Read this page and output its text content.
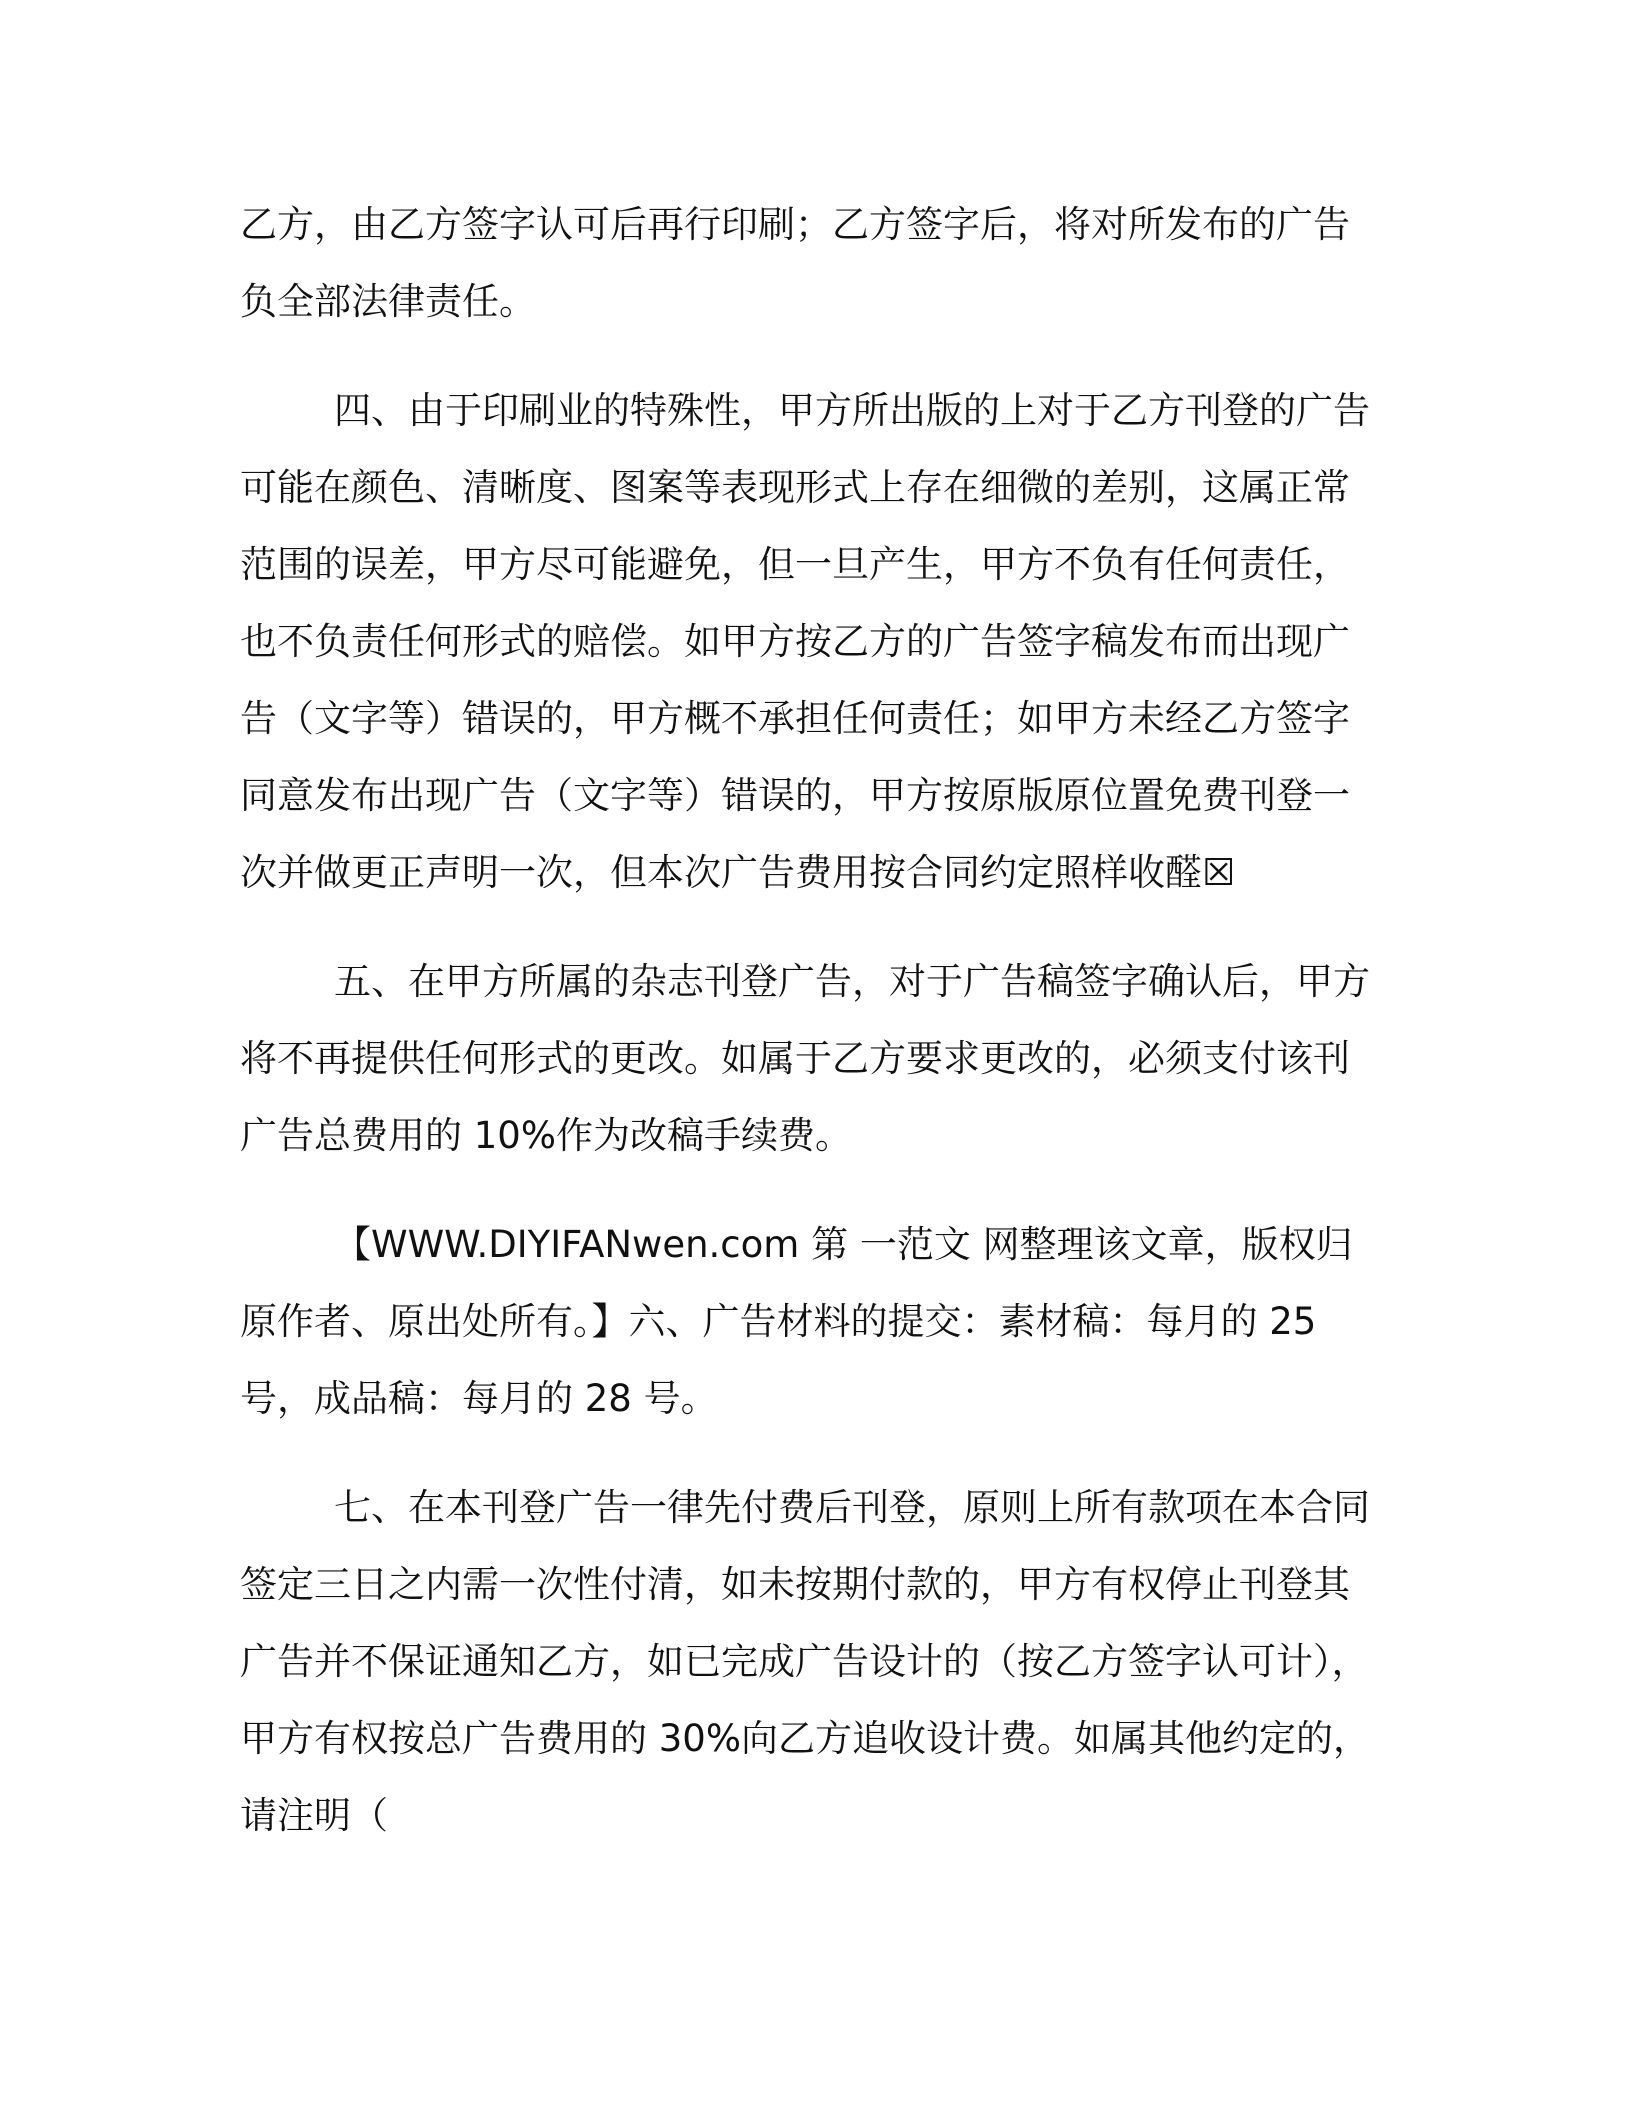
乙方，由乙方签字认可后再行印刷；乙方签字后，将对所发布的广告负全部法律责任。

四、由于印刷业的特殊性，甲方所出版的上对于乙方刊登的广告可能在颜色、清晰度、图案等表现形式上存在细微的差别，这属正常范围的误差，甲方尽可能避免，但一旦产生，甲方不负有任何责任，也不负责任何形式的赔偿。如甲方按乙方的广告签字稿发布而出现广告（文字等）错误的，甲方概不承担任何责任；如甲方未经乙方签字同意发布出现广告（文字等）错误的，甲方按原版原位置免费刊登一次并做更正声明一次，但本次广告费用按合同约定照样收醛☒

五、在甲方所属的杂志刊登广告，对于广告稿签字确认后，甲方将不再提供任何形式的更改。如属于乙方要求更改的，必须支付该刊广告总费用的 10%作为改稿手续费。

【WWW.DIYIFANwen.com 第 一范文 网整理该文章，版权归原作者、原出处所有。】六、广告材料的提交：素材稿：每月的 25 号，成品稿：每月的 28 号。

七、在本刊登广告一律先付费后刊登，原则上所有款项在本合同签定三日之内需一次性付清，如未按期付款的，甲方有权停止刊登其广告并不保证通知乙方，如已完成广告设计的（按乙方签字认可计），甲方有权按总广告费用的 30%向乙方追收设计费。如属其他约定的，请注明（
